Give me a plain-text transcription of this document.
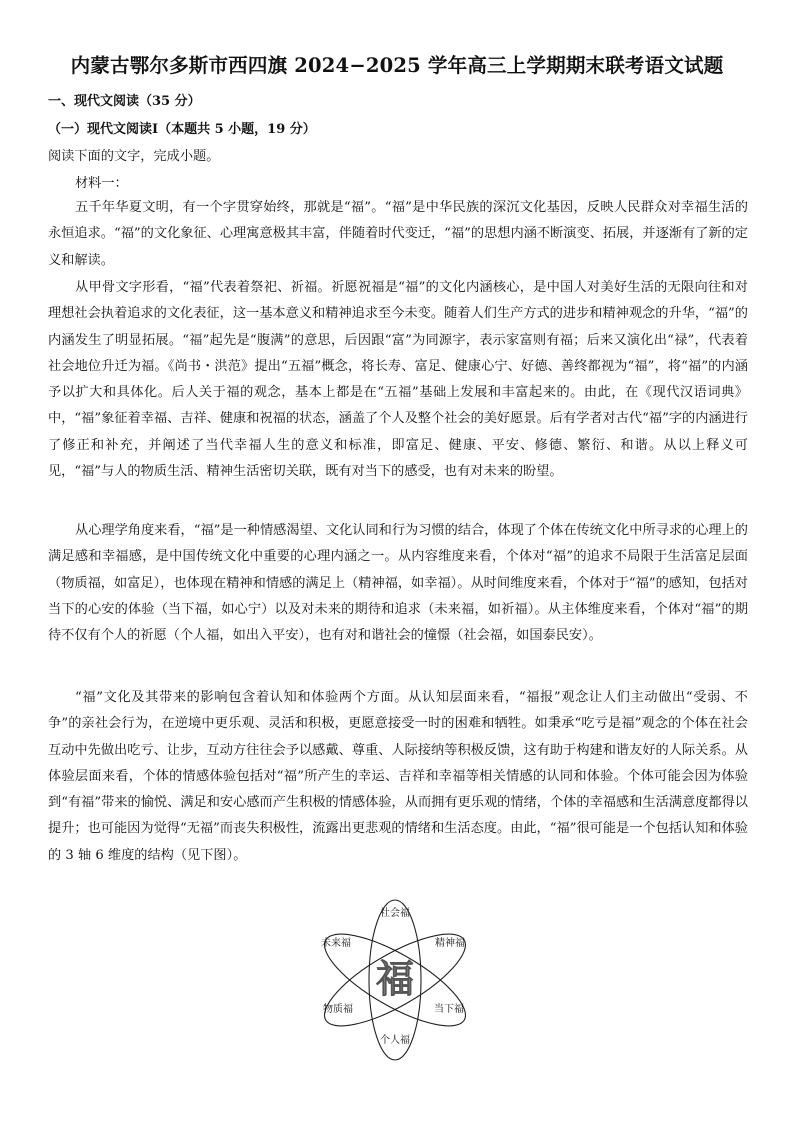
内蒙古鄂尔多斯市西四旗 2024−2025 学年高三上学期期末联考语文试题
一、现代文阅读（35 分）
（一）现代文阅读Ⅰ（本题共 5 小题，19 分）
阅读下面的文字，完成小题。
材料一：

五千年华夏文明，有一个字贯穿始终，那就是“福”。“福”是中华民族的深沉文化基因，反映人民群众对幸福生活的永恒追求。“福”的文化象征、心理寓意极其丰富，伴随着时代变迁，“福”的思想内涵不断演变、拓展，并逐渐有了新的定义和解读。

从甲骨文字形看，“福”代表着祭祀、祈福。祈愿祝福是“福”的文化内涵核心，是中国人对美好生活的无限向往和对理想社会执着追求的文化表征，这一基本意义和精神追求至今未变。随着人们生产方式的进步和精神观念的升华，“福”的内涵发生了明显拓展。“福”起先是“腹满”的意思，后因跟“富”为同源字，表示家富则有福；后来又演化出“禄”，代表着社会地位升迁为福。《尚书・洪范》提出“五福”概念，将长寿、富足、健康心宁、好德、善终都视为“福”，将“福”的内涵予以扩大和具体化。后人关于福的观念，基本上都是在“五福”基础上发展和丰富起来的。由此，在《现代汉语词典》中，“福”象征着幸福、吉祥、健康和祝福的状态，涵盖了个人及整个社会的美好愿景。后有学者对古代“福”字的内涵进行了修正和补充，并阐述了当代幸福人生的意义和标准，即富足、健康、平安、修德、繁衍、和谐。从以上释义可见，“福”与人的物质生活、精神生活密切关联，既有对当下的感受，也有对未来的盼望。

从心理学角度来看，“福”是一种情感渴望、文化认同和行为习惯的结合，体现了个体在传统文化中所寻求的心理上的满足感和幸福感，是中国传统文化中重要的心理内涵之一。从内容维度来看，个体对“福”的追求不局限于生活富足层面（物质福，如富足），也体现在精神和情感的满足上（精神福，如幸福）。从时间维度来看，个体对于“福”的感知，包括对当下的心安的体验（当下福，如心宁）以及对未来的期待和追求（未来福，如祈福）。从主体维度来看，个体对“福”的期待不仅有个人的祈愿（个人福，如出入平安），也有对和谐社会的憧憬（社会福，如国泰民安）。

“福”文化及其带来的影响包含着认知和体验两个方面。从认知层面来看，“福报”观念让人们主动做出“受弱、不争”的亲社会行为，在逆境中更乐观、灵活和积极，更愿意接受一时的困难和牺牲。如秉承“吃亏是福”观念的个体在社会互动中先做出吃亏、让步，互动方往往会予以感戴、尊重、人际接纳等积极反馈，这有助于构建和谐友好的人际关系。从体验层面来看，个体的情感体验包括对“福”所产生的幸运、吉祥和幸福等相关情感的认同和体验。个体可能会因为体验到“有福”带来的愉悦、满足和安心感而产生积极的情感体验，从而拥有更乐观的情绪，个体的幸福感和生活满意度都得以提升；也可能因为觉得“无福”而丧失积极性，流露出更悲观的情绪和生活态度。由此，“福”很可能是一个包括认知和体验的 3 轴 6 维度的结构（见下图）。

福
社会福
未来福	精神福
物质福	当下福
个人福
